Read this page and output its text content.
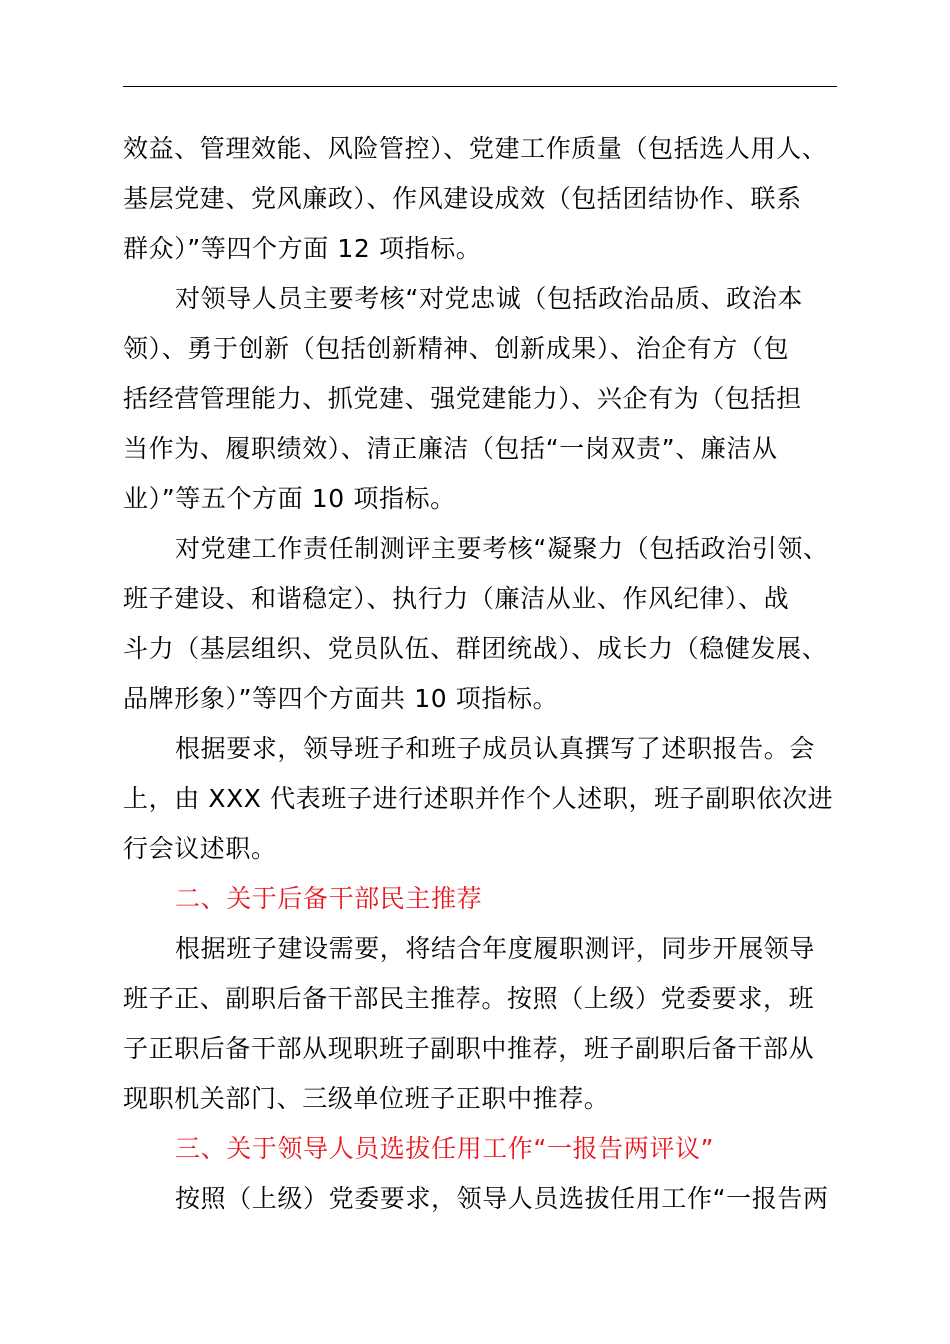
效益、管理效能、风险管控）、党建工作质量（包括选人用人、
基层党建、党风廉政）、作风建设成效（包括团结协作、联系
群众）”等四个方面 12 项指标。
对领导人员主要考核“对党忠诚（包括政治品质、政治本
领）、勇于创新（包括创新精神、创新成果）、治企有方（包
括经营管理能力、抓党建、强党建能力）、兴企有为（包括担
当作为、履职绩效）、清正廉洁（包括“一岗双责”、廉洁从
业）”等五个方面 10 项指标。
对党建工作责任制测评主要考核“凝聚力（包括政治引领、
班子建设、和谐稳定）、执行力（廉洁从业、作风纪律）、战
斗力（基层组织、党员队伍、群团统战）、成长力（稳健发展、
品牌形象）”等四个方面共 10 项指标。
根据要求，领导班子和班子成员认真撰写了述职报告。会
上，由 XXX 代表班子进行述职并作个人述职，班子副职依次进
行会议述职。
二、关于后备干部民主推荐
根据班子建设需要，将结合年度履职测评，同步开展领导
班子正、副职后备干部民主推荐。按照（上级）党委要求，班
子正职后备干部从现职班子副职中推荐，班子副职后备干部从
现职机关部门、三级单位班子正职中推荐。
三、关于领导人员选拔任用工作“一报告两评议”
按照（上级）党委要求，领导人员选拔任用工作“一报告两
